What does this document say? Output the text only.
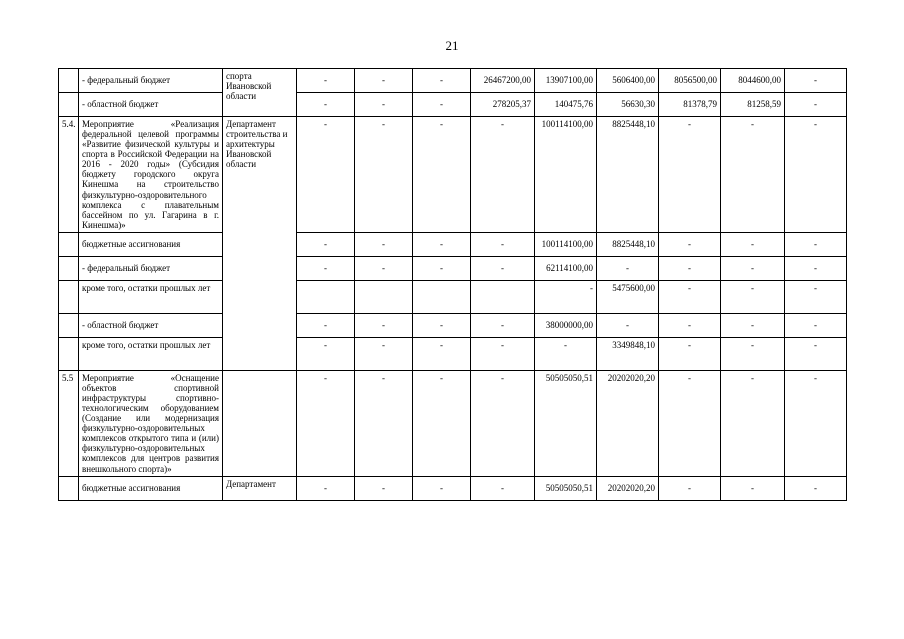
21
	- федеральный бюджет	спорта Ивановской области	-	-	-	26467200,00	13907100,00	5606400,00	8056500,00	8044600,00	-
	- областной бюджет		-	-	-	278205,37	140475,76	56630,30	81378,79	81258,59	-
5.4.	Мероприятие «Реализация федеральной целевой программы «Развитие физической культуры и спорта в Российской Федерации на 2016 - 2020 годы» (Субсидия бюджету городского округа Кинешма на строительство физкультурно-оздоровительного комплекса с плавательным бассейном по ул. Гагарина в г. Кинешма)»	Департамент строительства и архитектуры Ивановской области	-	-	-	-	100114100,00	8825448,10	-	-	-
	бюджетные ассигнования		-	-	-	-	100114100,00	8825448,10	-	-	-
	- федеральный бюджет		-	-	-	-	62114100,00	-	-	-	-
	кроме того, остатки прошлых лет						-	5475600,00	-	-	-
	- областной бюджет		-	-	-	-	38000000,00	-	-	-	-
	кроме того, остатки прошлых лет		-	-	-	-	-	3349848,10	-	-	-
5.5	Мероприятие «Оснащение объектов спортивной инфраструктуры спортивно-технологическим оборудованием (Создание или модернизация физкультурно-оздоровительных комплексов открытого типа и (или) физкультурно-оздоровительных комплексов для центров развития внешкольного спорта)»		-	-	-	-	50505050,51	20202020,20	-	-	-
	бюджетные ассигнования	Департамент	-	-	-	-	50505050,51	20202020,20	-	-	-
